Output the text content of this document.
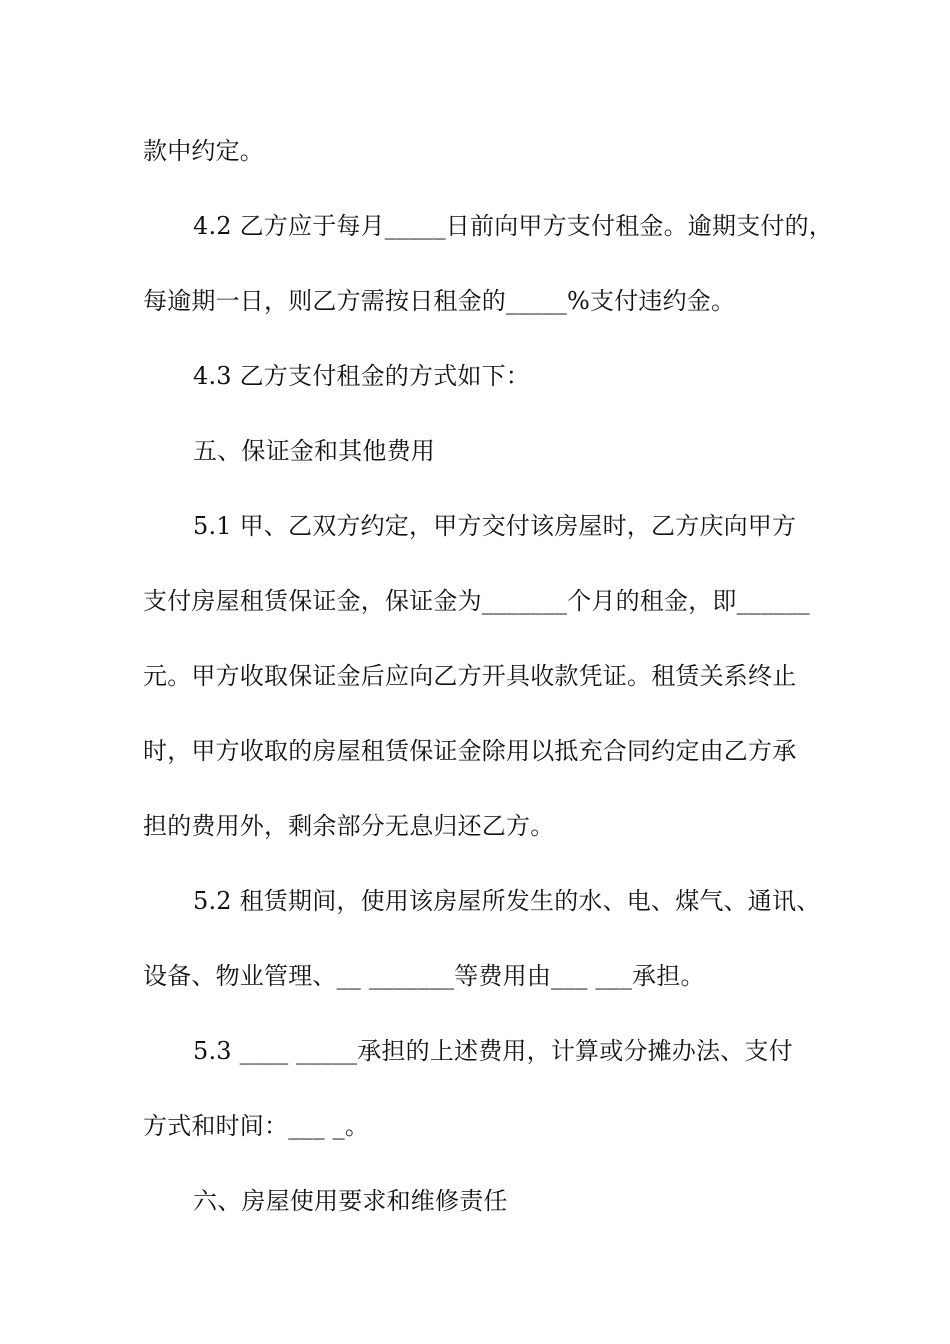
款中约定。

4.2 乙方应于每月_____日前向甲方支付租金。逾期支付的，

每逾期一日，则乙方需按日租金的_____%支付违约金。

4.3 乙方支付租金的方式如下：

五、保证金和其他费用

5.1 甲、乙双方约定，甲方交付该房屋时，乙方庆向甲方

支付房屋租赁保证金，保证金为_______个月的租金，即______

元。甲方收取保证金后应向乙方开具收款凭证。租赁关系终止

时，甲方收取的房屋租赁保证金除用以抵充合同约定由乙方承

担的费用外，剩余部分无息归还乙方。

5.2 租赁期间，使用该房屋所发生的水、电、煤气、通讯、

设备、物业管理、__ _______等费用由___ ___承担。

5.3 ____ _____承担的上述费用，计算或分摊办法、支付

方式和时间：___ _。

六、房屋使用要求和维修责任
